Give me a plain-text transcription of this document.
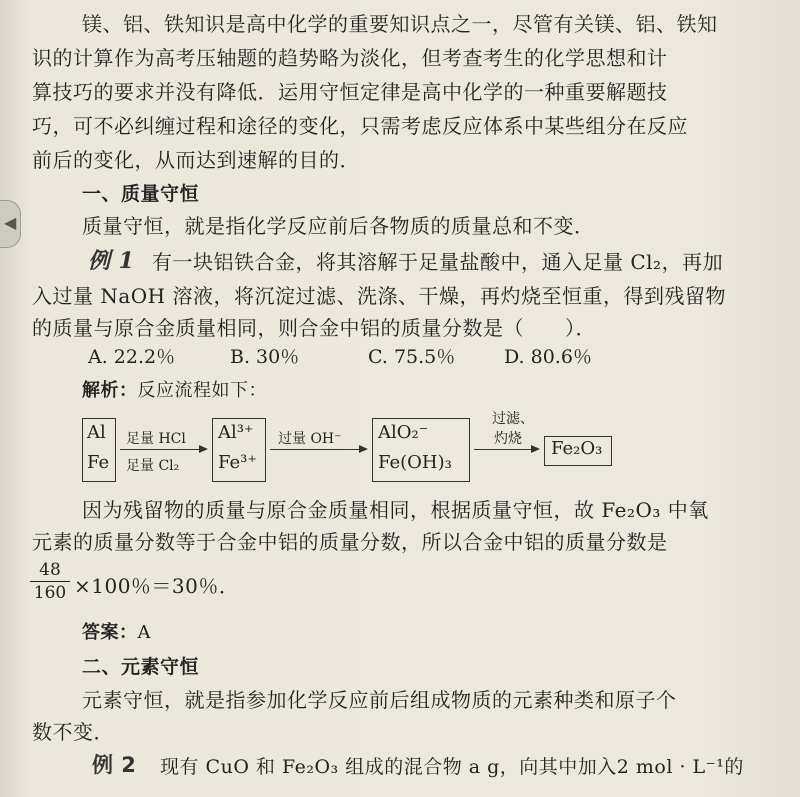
◀
镁、铝、铁知识是高中化学的重要知识点之一，尽管有关镁、铝、铁知
识的计算作为高考压轴题的趋势略为淡化，但考查考生的化学思想和计
算技巧的要求并没有降低．运用守恒定律是高中化学的一种重要解题技
巧，可不必纠缠过程和途径的变化，只需考虑反应体系中某些组分在反应
前后的变化，从而达到速解的目的．
一、质量守恒
质量守恒，就是指化学反应前后各物质的质量总和不变．
例 1 有一块铝铁合金，将其溶解于足量盐酸中，通入足量 Cl₂，再加
入过量 NaOH 溶液，将沉淀过滤、洗涤、干燥，再灼烧至恒重，得到残留物
的质量与原合金质量相同，则合金中铝的质量分数是（　　）．
A. 22.2％	B. 30％	C. 75.5％	D. 80.6％
解析：反应流程如下：
Al
Fe
足量 HCl
足量 Cl₂
Al³⁺
Fe³⁺
过量 OH⁻ AlO₂⁻
Fe(OH)₃
过滤、
灼烧 Fe₂O₃
因为残留物的质量与原合金质量相同，根据质量守恒，故 Fe₂O₃ 中氧
元素的质量分数等于合金中铝的质量分数，所以合金中铝的质量分数是
48
160 ×100％＝30％．
答案：A
二、元素守恒
元素守恒，就是指参加化学反应前后组成物质的元素种类和原子个
数不变．
例 2 现有 CuO 和 Fe₂O₃ 组成的混合物 a g，向其中加入2 mol · L⁻¹的
